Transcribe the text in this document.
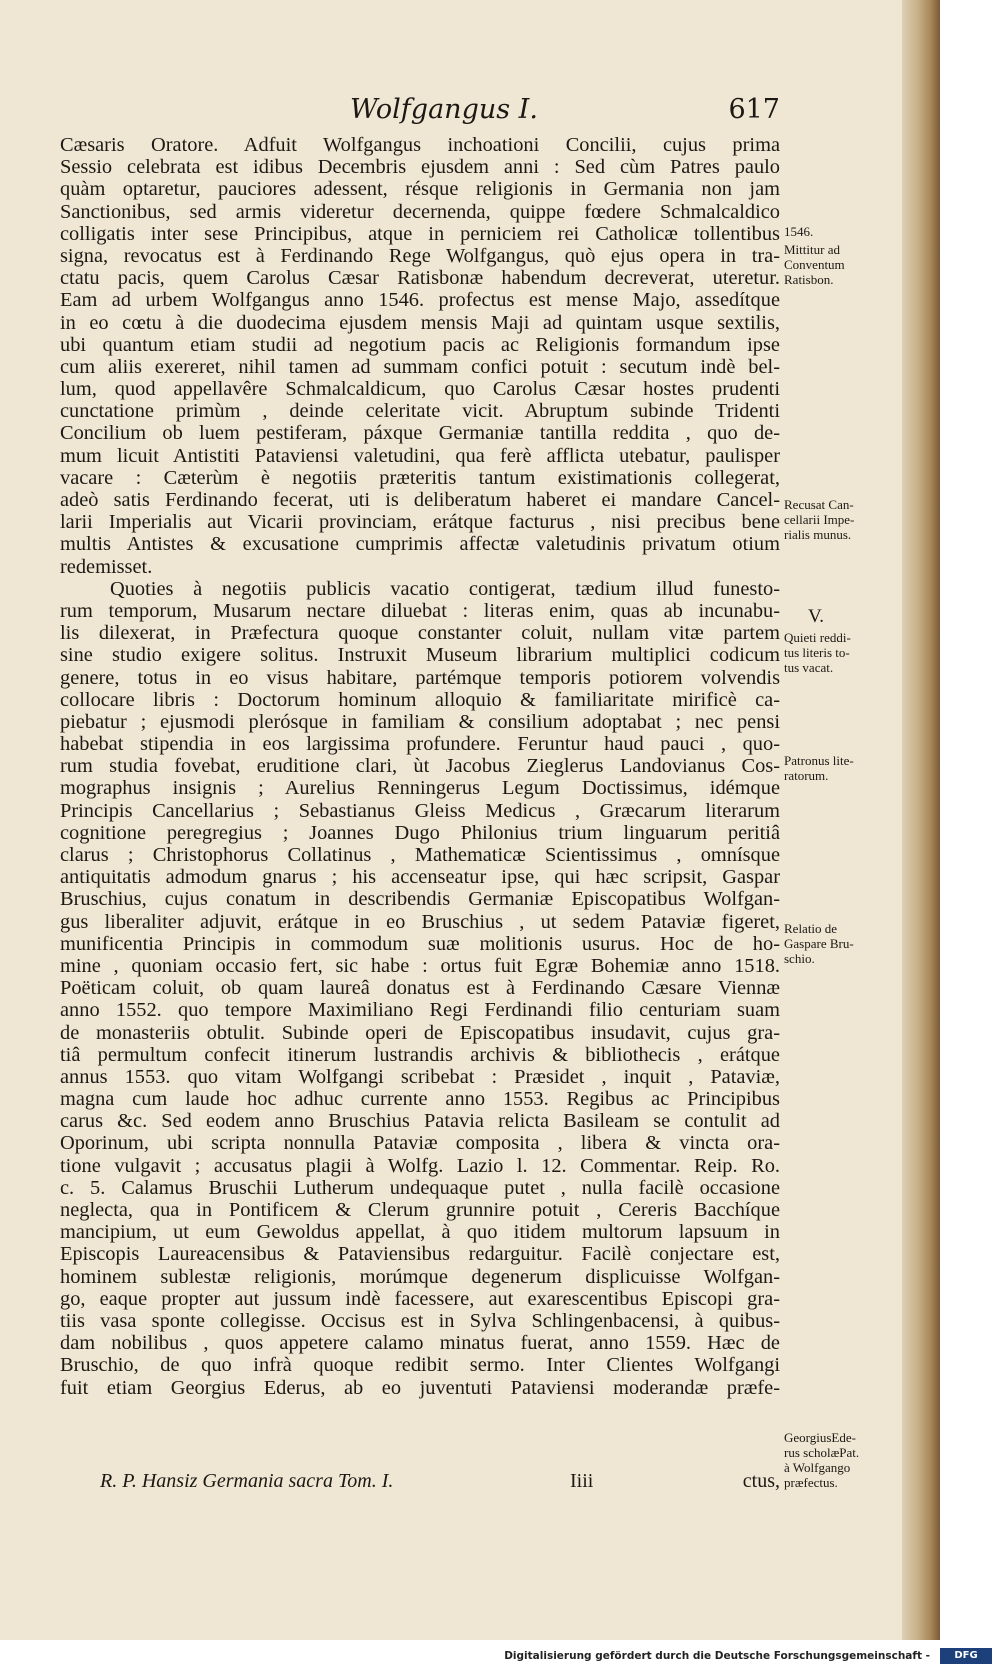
Wolfgangus I.	617
Cæsaris Oratore. Adfuit Wolfgangus inchoationi Concilii, cujus prima
Sessio celebrata est idibus Decembris ejusdem anni : Sed cùm Patres paulo
quàm optaretur, pauciores adessent, résque religionis in Germania non jam
Sanctionibus, sed armis videretur decernenda, quippe fœdere Schmalcaldico
colligatis inter sese Principibus, atque in perniciem rei Catholicæ tollentibus
signa, revocatus est à Ferdinando Rege Wolfgangus, quò ejus opera in tra-
ctatu pacis, quem Carolus Cæsar Ratisbonæ habendum decreverat, uteretur.
Eam ad urbem Wolfgangus anno 1546. profectus est mense Majo, assedítque
in eo cœtu à die duodecima ejusdem mensis Maji ad quintam usque sextilis,
ubi quantum etiam studii ad negotium pacis ac Religionis formandum ipse
cum aliis exereret, nihil tamen ad summam confici potuit : secutum indè bel-
lum, quod appellavêre Schmalcaldicum, quo Carolus Cæsar hostes prudenti
cunctatione primùm , deinde celeritate vicit. Abruptum subinde Tridenti
Concilium ob luem pestiferam, páxque Germaniæ tantilla reddita , quo de-
mum licuit Antistiti Pataviensi valetudini, qua ferè afflicta utebatur, paulisper
vacare : Cæterùm è negotiis præteritis tantum existimationis collegerat,
adeò satis Ferdinando fecerat, uti is deliberatum haberet ei mandare Cancel-
larii Imperialis aut Vicarii provinciam, erátque facturus , nisi precibus bene
multis Antistes & excusatione cumprimis affectæ valetudinis privatum otium
redemisset.
Quoties à negotiis publicis vacatio contigerat, tædium illud funesto-
rum temporum, Musarum nectare diluebat : literas enim, quas ab incunabu-
lis dilexerat, in Præfectura quoque constanter coluit, nullam vitæ partem
sine studio exigere solitus. Instruxit Museum librarium multiplici codicum
genere, totus in eo visus habitare, partémque temporis potiorem volvendis
collocare libris : Doctorum hominum alloquio & familiaritate mirificè ca-
piebatur ; ejusmodi plerósque in familiam & consilium adoptabat ; nec pensi
habebat stipendia in eos largissima profundere. Feruntur haud pauci , quo-
rum studia fovebat, eruditione clari, ùt Jacobus Zieglerus Landovianus Cos-
mographus insignis ; Aurelius Renningerus Legum Doctissimus, idémque
Principis Cancellarius ; Sebastianus Gleiss Medicus , Græcarum literarum
cognitione peregregius ; Joannes Dugo Philonius trium linguarum peritiâ
clarus ; Christophorus Collatinus , Mathematicæ Scientissimus , omnísque
antiquitatis admodum gnarus ; his accenseatur ipse, qui hæc scripsit, Gaspar
Bruschius, cujus conatum in describendis Germaniæ Episcopatibus Wolfgan-
gus liberaliter adjuvit, erátque in eo Bruschius , ut sedem Pataviæ figeret,
munificentia Principis in commodum suæ molitionis usurus. Hoc de ho-
mine , quoniam occasio fert, sic habe : ortus fuit Egræ Bohemiæ anno 1518.
Poëticam coluit, ob quam laureâ donatus est à Ferdinando Cæsare Viennæ
anno 1552. quo tempore Maximiliano Regi Ferdinandi filio centuriam suam
de monasteriis obtulit. Subinde operi de Episcopatibus insudavit, cujus gra-
tiâ permultum confecit itinerum lustrandis archivis & bibliothecis , erátque
annus 1553. quo vitam Wolfgangi scribebat : Præsidet , inquit , Pataviæ,
magna cum laude hoc adhuc currente anno 1553. Regibus ac Principibus
carus &c. Sed eodem anno Bruschius Patavia relicta Basileam se contulit ad
Oporinum, ubi scripta nonnulla Pataviæ composita , libera & vincta ora-
tione vulgavit ; accusatus plagii à Wolfg. Lazio l. 12. Commentar. Reip. Ro.
c. 5. Calamus Bruschii Lutherum undequaque putet , nulla facilè occasione
neglecta, qua in Pontificem & Clerum grunnire potuit , Cereris Bacchíque
mancipium, ut eum Gewoldus appellat, à quo itidem multorum lapsuum in
Episcopis Laureacensibus & Pataviensibus redarguitur. Facilè conjectare est,
hominem sublestæ religionis, morúmque degenerum displicuisse Wolfgan-
go, eaque propter aut jussum indè facessere, aut exarescentibus Episcopi gra-
tiis vasa sponte collegisse. Occisus est in Sylva Schlingenbacensi, à quibus-
dam nobilibus , quos appetere calamo minatus fuerat, anno 1559. Hæc de
Bruschio, de quo infrà quoque redibit sermo. Inter Clientes Wolfgangi
fuit etiam Georgius Ederus, ab eo juventuti Pataviensi moderandæ præfe-
1546.
Mittitur ad
Conventum
Ratisbon.
Recusat Can-
cellarii Impe-
rialis munus.
V.
Quieti reddi-
tus literis to-
tus vacat.
Patronus lite-
ratorum.
Relatio de
Gaspare Bru-
schio.
GeorgiusEde-
rus scholæPat.
à Wolfgango
præfectus.
R. P. Hansiz Germania sacra Tom. I.	Iiii	ctus,
Digitalisierung gefördert durch die Deutsche Forschungsgemeinschaft -	DFG
